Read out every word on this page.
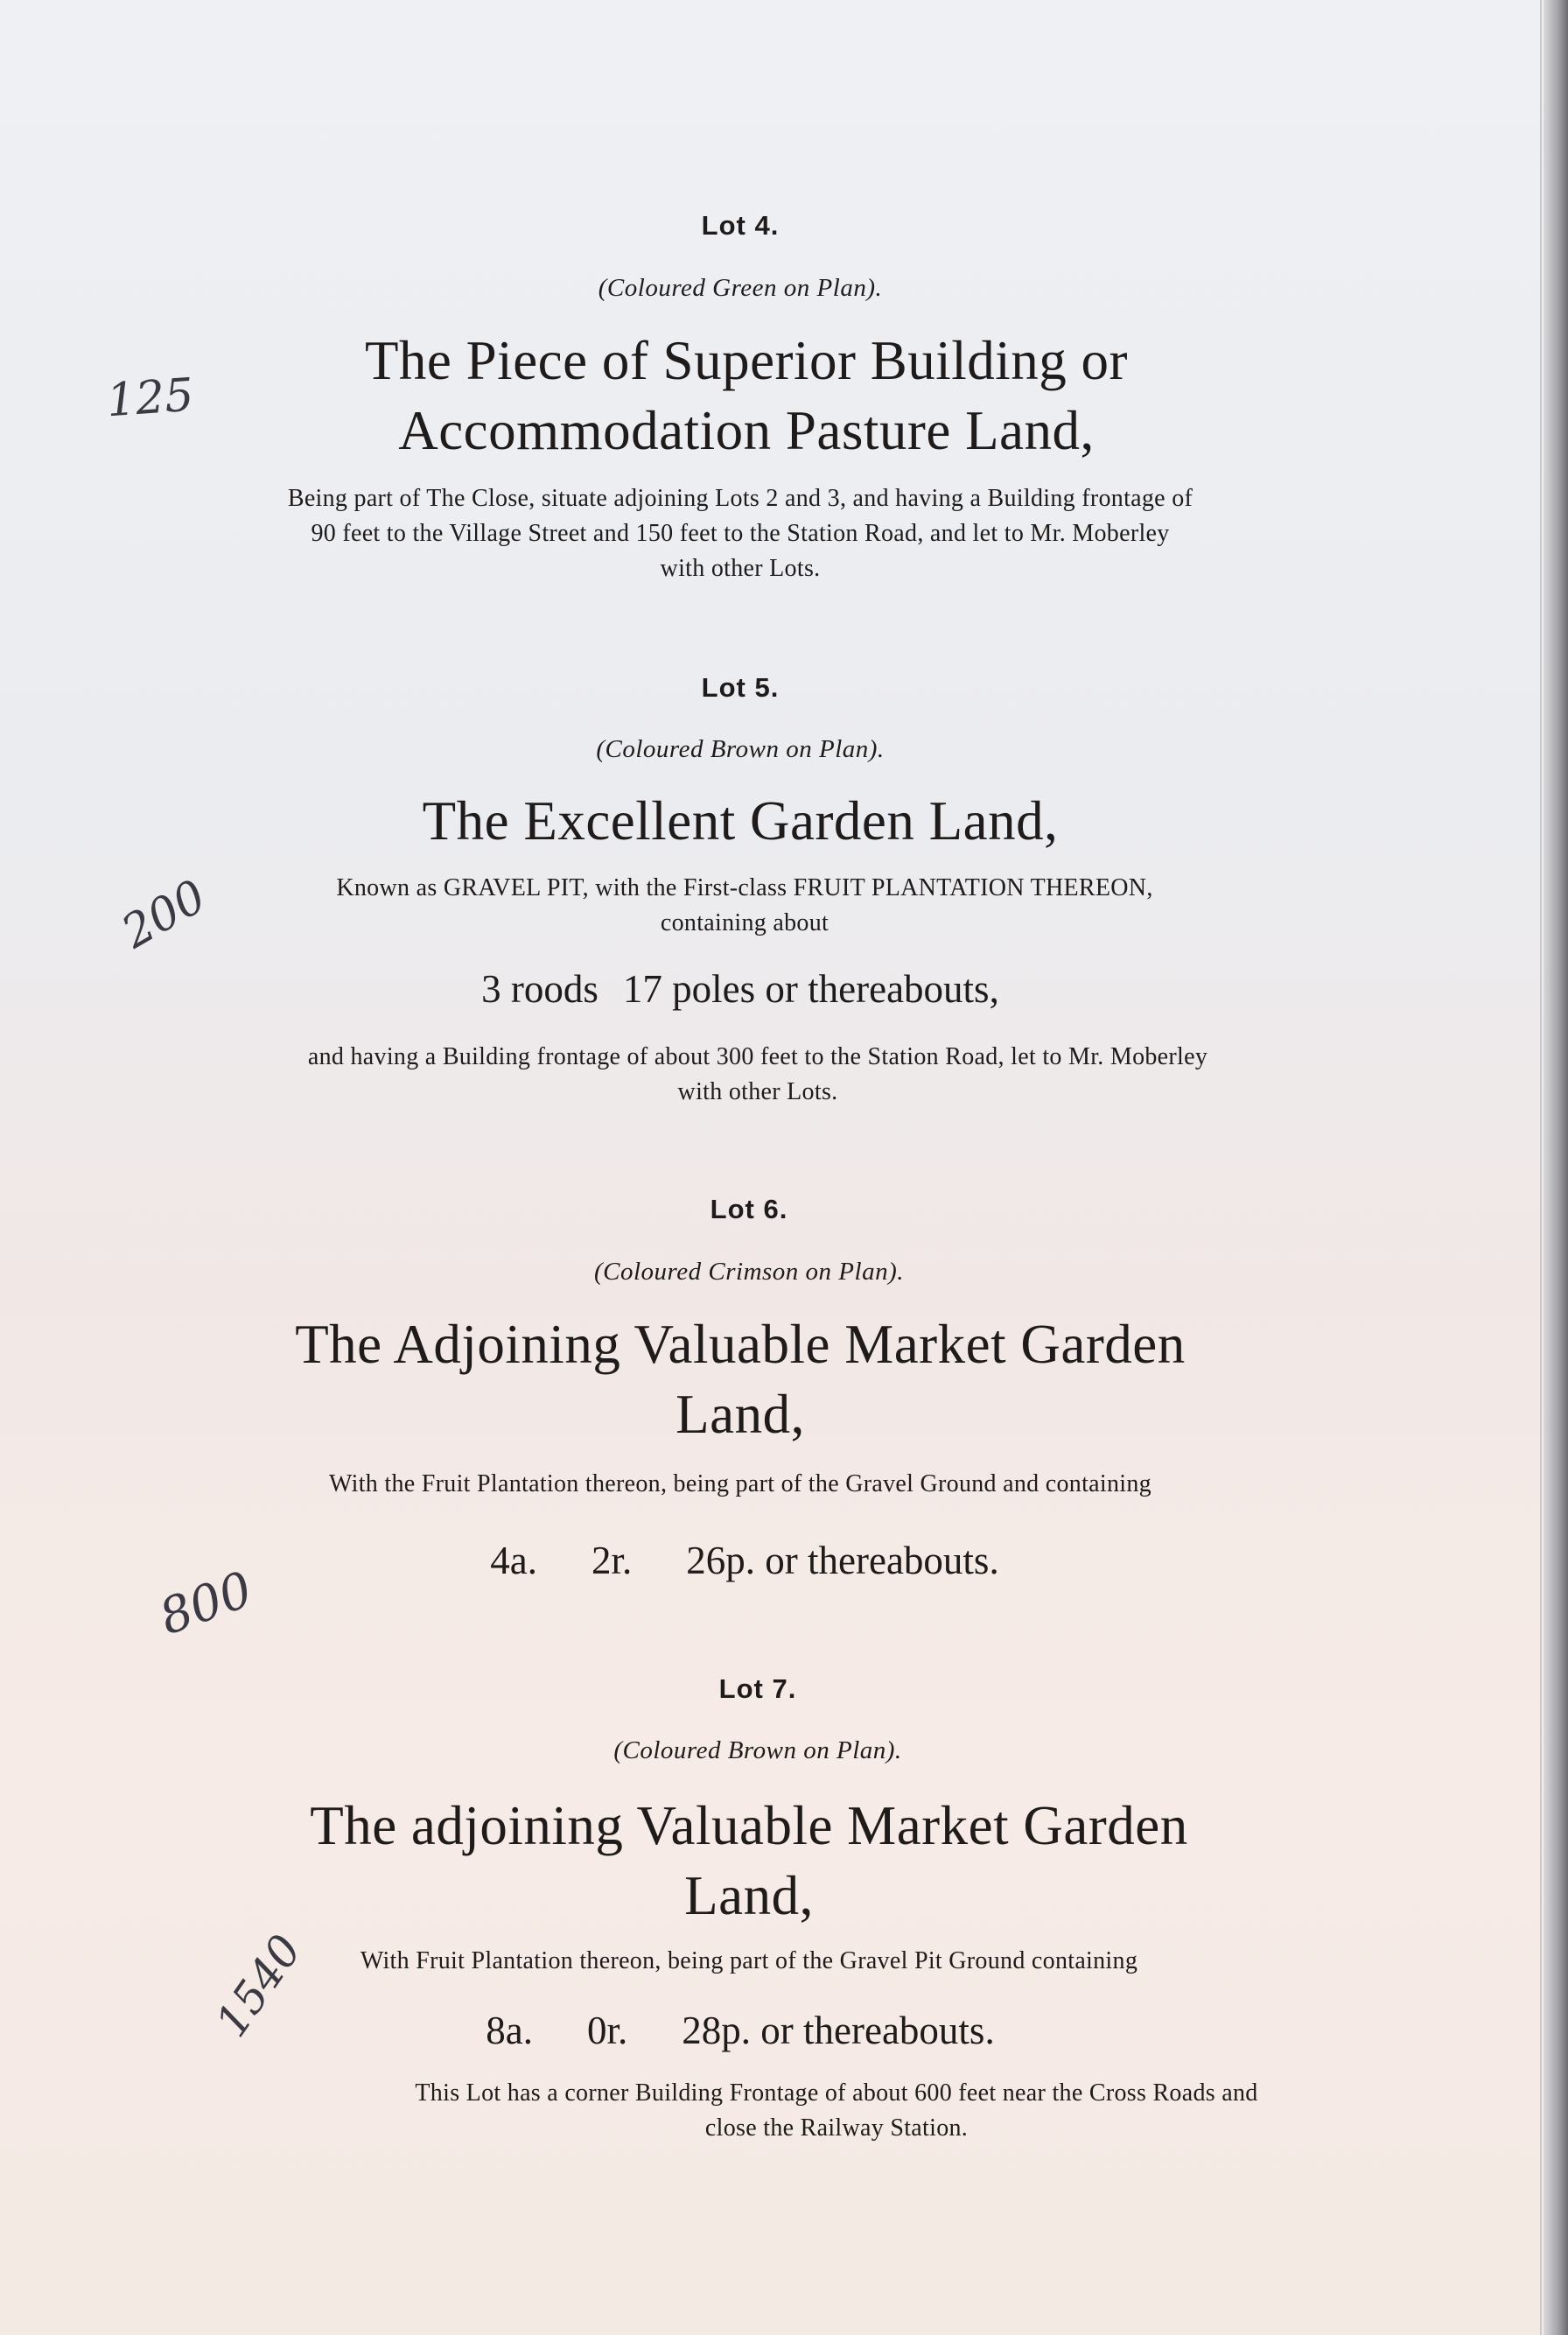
Lot 4.
(Coloured Green on Plan).
The Piece of Superior Building or
Accommodation Pasture Land,
Being part of The Close, situate adjoining Lots 2 and 3, and having a Building frontage of
90 feet to the Village Street and 150 feet to the Station Road, and let to Mr. Moberley
with other Lots.
Lot 5.
(Coloured Brown on Plan).
The Excellent Garden Land,
Known as GRAVEL PIT, with the First-class FRUIT PLANTATION THEREON,
containing about
3 roods 17 poles or thereabouts,
and having a Building frontage of about 300 feet to the Station Road, let to Mr. Moberley
with other Lots.
Lot 6.
(Coloured Crimson on Plan).
The Adjoining Valuable Market Garden
Land,
With the Fruit Plantation thereon, being part of the Gravel Ground and containing
4a. 2r. 26p. or thereabouts.
Lot 7.
(Coloured Brown on Plan).
The adjoining Valuable Market Garden
Land,
With Fruit Plantation thereon, being part of the Gravel Pit Ground containing
8a. 0r. 28p. or thereabouts.
This Lot has a corner Building Frontage of about 600 feet near the Cross Roads and
close the Railway Station.
125
200
800
1540
